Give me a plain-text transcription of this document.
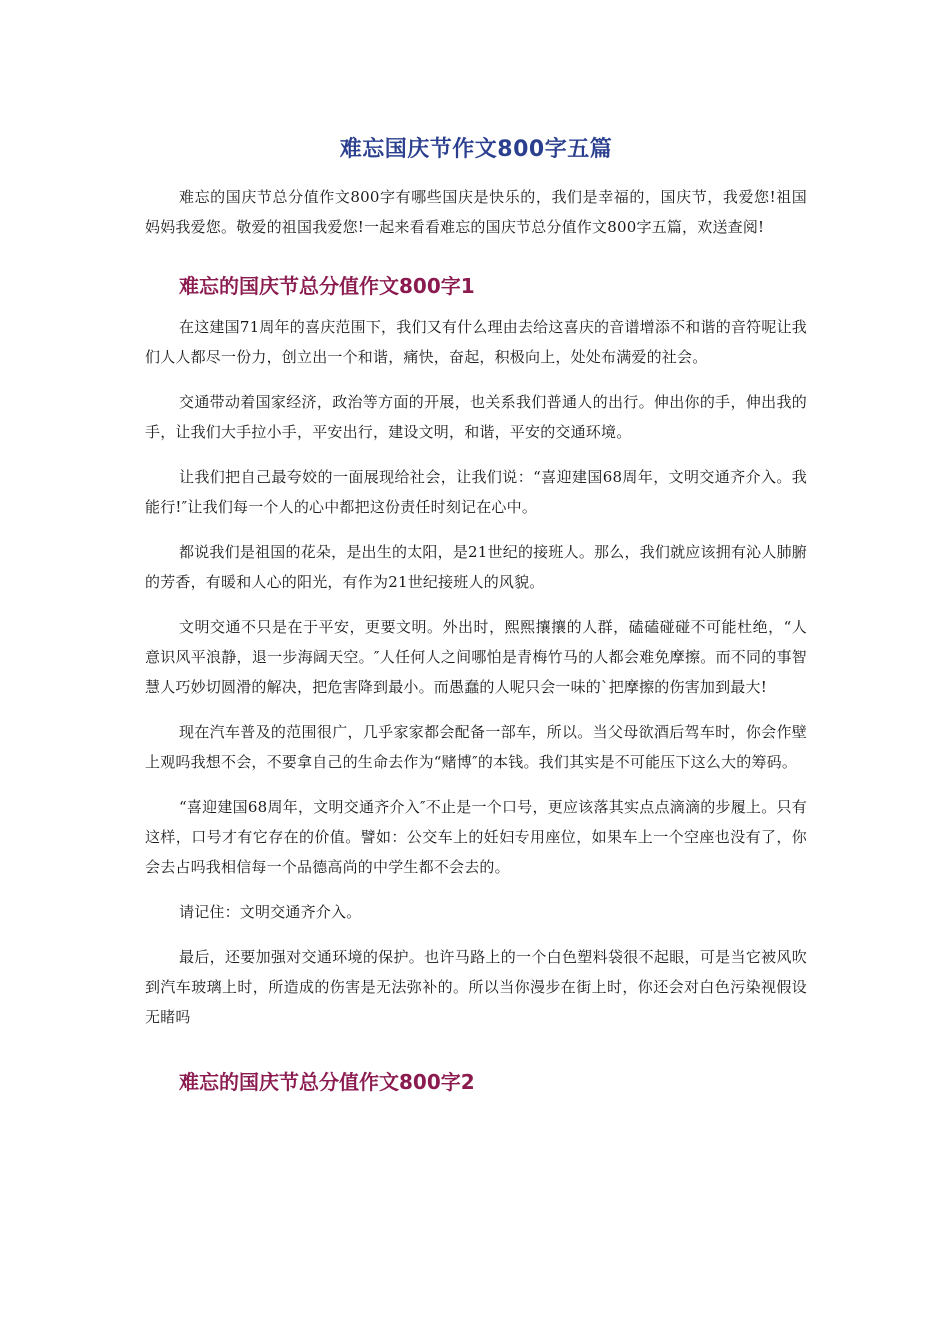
难忘国庆节作文800字五篇

难忘的国庆节总分值作文800字有哪些国庆是快乐的，我们是幸福的，国庆节，我爱您!祖国妈妈我爱您。敬爱的祖国我爱您!一起来看看难忘的国庆节总分值作文800字五篇，欢送查阅!

难忘的国庆节总分值作文800字1

在这建国71周年的喜庆范围下，我们又有什么理由去给这喜庆的音谱增添不和谐的音符呢让我们人人都尽一份力，创立出一个和谐，痛快，奋起，积极向上，处处布满爱的社会。

交通带动着国家经济，政治等方面的开展，也关系我们普通人的出行。伸出你的手，伸出我的手，让我们大手拉小手，平安出行，建设文明，和谐，平安的交通环境。

让我们把自己最夸姣的一面展现给社会，让我们说：“喜迎建国68周年，文明交通齐介入。我能行!″让我们每一个人的心中都把这份责任时刻记在心中。

都说我们是祖国的花朵，是出生的太阳，是21世纪的接班人。那么，我们就应该拥有沁人肺腑的芳香，有暖和人心的阳光，有作为21世纪接班人的风貌。

文明交通不只是在于平安，更要文明。外出时，熙熙攘攘的人群，磕磕碰碰不可能杜绝，“人意识风平浪静，退一步海阔天空。″人任何人之间哪怕是青梅竹马的人都会难免摩擦。而不同的事智慧人巧妙切圆滑的解决，把危害降到最小。而愚蠢的人呢只会一味的`把摩擦的伤害加到最大!

现在汽车普及的范围很广，几乎家家都会配备一部车，所以。当父母欲酒后驾车时，你会作壁上观吗我想不会，不要拿自己的生命去作为“赌博″的本钱。我们其实是不可能压下这么大的筹码。

“喜迎建国68周年，文明交通齐介入″不止是一个口号，更应该落其实点点滴滴的步履上。只有这样，口号才有它存在的价值。譬如：公交车上的妊妇专用座位，如果车上一个空座也没有了，你会去占吗我相信每一个品德高尚的中学生都不会去的。

请记住：文明交通齐介入。

最后，还要加强对交通环境的保护。也许马路上的一个白色塑料袋很不起眼，可是当它被风吹到汽车玻璃上时，所造成的伤害是无法弥补的。所以当你漫步在街上时，你还会对白色污染视假设无睹吗

难忘的国庆节总分值作文800字2
